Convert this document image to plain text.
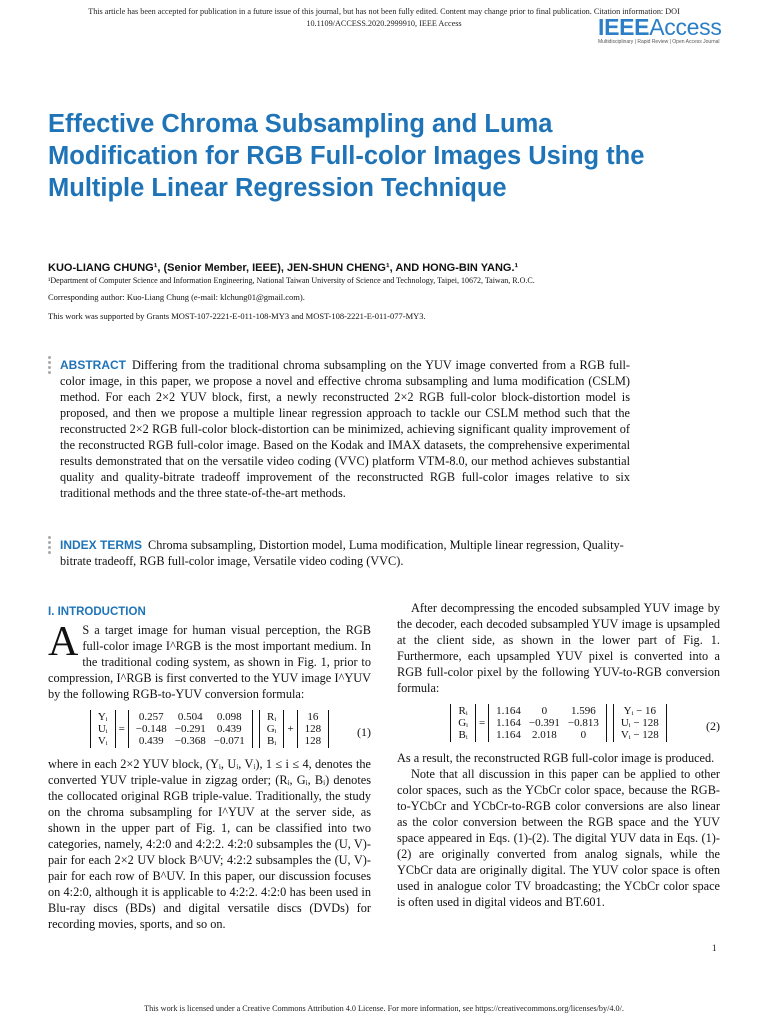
This article has been accepted for publication in a future issue of this journal, but has not been fully edited. Content may change prior to final publication. Citation information: DOI
10.1109/ACCESS.2020.2999910, IEEE Access	IEEEAccess
Multidisciplinary | Rapid Review | Open Access Journal
Effective Chroma Subsampling and Luma Modification for RGB Full-color Images Using the Multiple Linear Regression Technique
KUO-LIANG CHUNG¹, (Senior Member, IEEE), JEN-SHUN CHENG¹, AND HONG-BIN YANG.¹
¹Department of Computer Science and Information Engineering, National Taiwan University of Science and Technology, Taipei, 10672, Taiwan, R.O.C.
Corresponding author: Kuo-Liang Chung (e-mail: klchung01@gmail.com).
This work was supported by Grants MOST-107-2221-E-011-108-MY3 and MOST-108-2221-E-011-077-MY3.
ABSTRACT Differing from the traditional chroma subsampling on the YUV image converted from a RGB full-color image, in this paper, we propose a novel and effective chroma subsampling and luma modification (CSLM) method. For each 2×2 YUV block, first, a newly reconstructed 2×2 RGB full-color block-distortion model is proposed, and then we propose a multiple linear regression approach to tackle our CSLM method such that the reconstructed 2×2 RGB full-color block-distortion can be minimized, achieving significant quality improvement of the reconstructed RGB full-color image. Based on the Kodak and IMAX datasets, the comprehensive experimental results demonstrated that on the versatile video coding (VVC) platform VTM-8.0, our method achieves substantial quality and quality-bitrate tradeoff improvement of the reconstructed RGB full-color images relative to six traditional methods and the three state-of-the-art methods.
INDEX TERMS Chroma subsampling, Distortion model, Luma modification, Multiple linear regression, Quality-bitrate tradeoff, RGB full-color image, Versatile video coding (VVC).
I. INTRODUCTION
A S a target image for human visual perception, the RGB full-color image I^RGB is the most important medium. In the traditional coding system, as shown in Fig. 1, prior to compression, I^RGB is first converted to the YUV image I^YUV by the following RGB-to-YUV conversion formula:
Yᵢ
Uᵢ
Vᵢ
=
0.257	0.504	0.098
−0.148 −0.291	0.439
0.439	−0.368 −0.071
Rᵢ
Gᵢ
Bᵢ
+
16
128
128
(1)

where in each 2×2 YUV block, (Yᵢ, Uᵢ, Vᵢ), 1 ≤ i ≤ 4, denotes the converted YUV triple-value in zigzag order; (Rᵢ, Gᵢ, Bᵢ) denotes the collocated original RGB triple-value. Traditionally, the study on the chroma subsampling for I^YUV at the server side, as shown in the upper part of Fig. 1, can be classified into two categories, namely, 4:2:0 and 4:2:2. 4:2:0 subsamples the (U, V)-pair for each 2×2 UV block B^UV; 4:2:2 subsamples the (U, V)-pair for each row of B^UV. In this paper, our discussion focuses on 4:2:0, although it is applicable to 4:2:2. 4:2:0 has been used in Blu-ray discs (BDs) and digital versatile discs (DVDs) for recording movies, sports, and so on.

After decompressing the encoded subsampled YUV image by the decoder, each decoded subsampled YUV image is upsampled at the client side, as shown in the lower part of Fig. 1. Furthermore, each upsampled YUV pixel is converted into a RGB full-color pixel by the following YUV-to-RGB conversion formula:

Rᵢ
Gᵢ
Bᵢ
=
1.164	0	1.596
1.164 −0.391 −0.813
1.164	2.018	0
Yᵢ − 16
Uᵢ − 128
Vᵢ − 128
(2)

As a result, the reconstructed RGB full-color image is produced.

Note that all discussion in this paper can be applied to other color spaces, such as the YCbCr color space, because the RGB-to-YCbCr and YCbCr-to-RGB color conversions are also linear as the color conversion between the RGB space and the YUV space appeared in Eqs. (1)-(2). The digital YUV data in Eqs. (1)-(2) are originally converted from analog signals, while the YCbCr data are originally digital. The YUV color space is often used in analogue color TV broadcasting; the YCbCr color space is often used in digital videos and BT.601.

1
This work is licensed under a Creative Commons Attribution 4.0 License. For more information, see https://creativecommons.org/licenses/by/4.0/.
